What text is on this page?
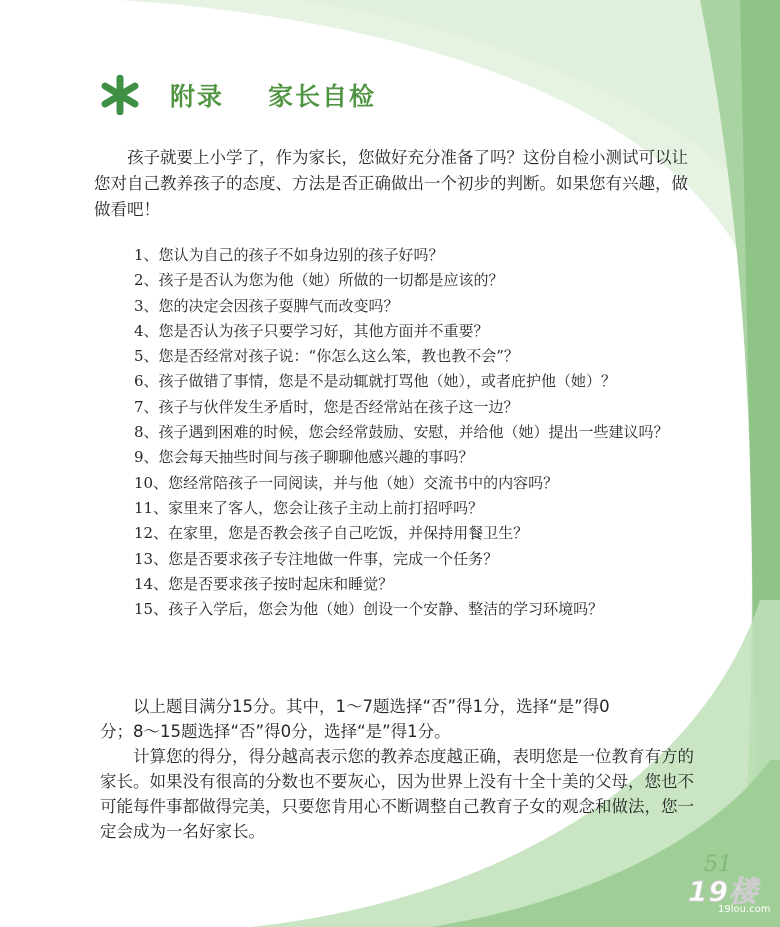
附录 家长自检

孩子就要上小学了，作为家长，您做好充分准备了吗？这份自检小测试可以让您对自己教养孩子的态度、方法是否正确做出一个初步的判断。如果您有兴趣，做做看吧！

1、 您认为自己的孩子不如身边别的孩子好吗？
2、 孩子是否认为您为他（她）所做的一切都是应该的？
3、 您的决定会因孩子耍脾气而改变吗？
4、 您是否认为孩子只要学习好，其他方面并不重要？
5、 您是否经常对孩子说：“你怎么这么笨，教也教不会”？
6、 孩子做错了事情，您是不是动辄就打骂他（她），或者庇护他（她）？
7、 孩子与伙伴发生矛盾时，您是否经常站在孩子这一边？
8、 孩子遇到困难的时候，您会经常鼓励、安慰，并给他（她）提出一些建议吗？
9、 您会每天抽些时间与孩子聊聊他感兴趣的事吗？
10、 您经常陪孩子一同阅读，并与他（她）交流书中的内容吗？
11、 家里来了客人，您会让孩子主动上前打招呼吗？
12、 在家里，您是否教会孩子自己吃饭，并保持用餐卫生？
13、 您是否要求孩子专注地做一件事，完成一个任务？
14、 您是否要求孩子按时起床和睡觉？
15、 孩子入学后，您会为他（她）创设一个安静、整洁的学习环境吗？

以上题目满分15分。其中，1～7题选择“否”得1分，选择“是”得0

分；8～15题选择“否”得0分，选择“是”得1分。

计算您的得分，得分越高表示您的教养态度越正确，表明您是一位教育有方的家长。如果没有很高的分数也不要灰心，因为世界上没有十全十美的父母，您也不可能每件事都做得完美，只要您肯用心不断调整自己教育子女的观念和做法，您一定会成为一名好家长。

51
19楼
19lou.com
